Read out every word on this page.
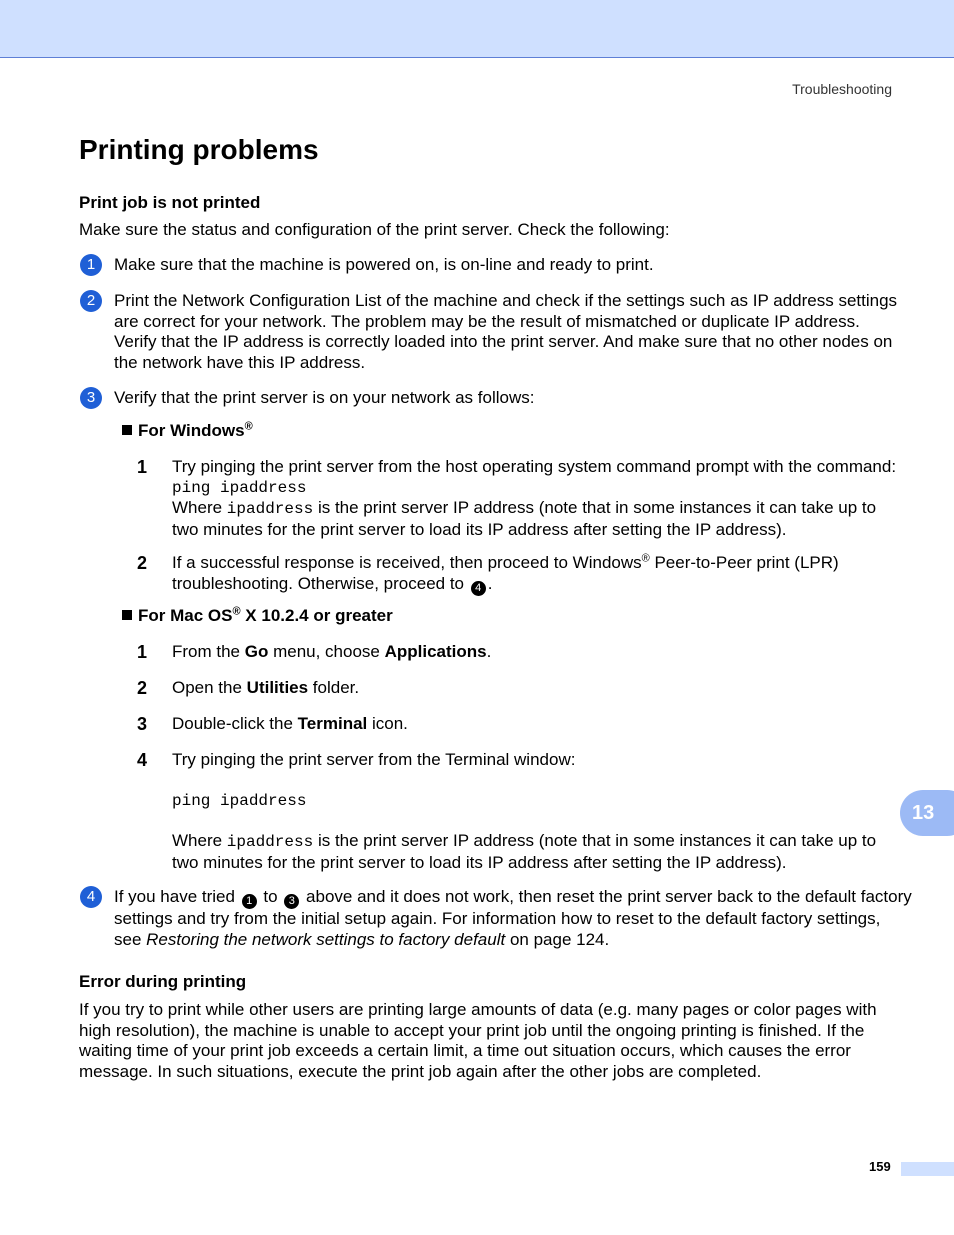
Troubleshooting
Printing problems
Print job is not printed
Make sure the status and configuration of the print server. Check the following:
1	Make sure that the machine is powered on, is on-line and ready to print.
2	Print the Network Configuration List of the machine and check if the settings such as IP address settings
are correct for your network. The problem may be the result of mismatched or duplicate IP address.
Verify that the IP address is correctly loaded into the print server. And make sure that no other nodes on
the network have this IP address.
3	Verify that the print server is on your network as follows:
For Windows®
1 Try pinging the print server from the host operating system command prompt with the command:
ping ipaddress
Where ipaddress is the print server IP address (note that in some instances it can take up to
two minutes for the print server to load its IP address after setting the IP address).
2 If a successful response is received, then proceed to Windows® Peer-to-Peer print (LPR)
troubleshooting. Otherwise, proceed to 4 .
For Mac OS® X 10.2.4 or greater
1 From the Go menu, choose Applications.
2 Open the Utilities folder.
3 Double-click the Terminal icon.
4 Try pinging the print server from the Terminal window:
ping ipaddress
Where ipaddress is the print server IP address (note that in some instances it can take up to
two minutes for the print server to load its IP address after setting the IP address).
4	If you have tried 1 to 3 above and it does not work, then reset the print server back to the default factory
settings and try from the initial setup again. For information how to reset to the default factory settings,
see Restoring the network settings to factory default on page 124.
Error during printing
If you try to print while other users are printing large amounts of data (e.g. many pages or color pages with
high resolution), the machine is unable to accept your print job until the ongoing printing is finished. If the
waiting time of your print job exceeds a certain limit, a time out situation occurs, which causes the error
message. In such situations, execute the print job again after the other jobs are completed.
13
159
